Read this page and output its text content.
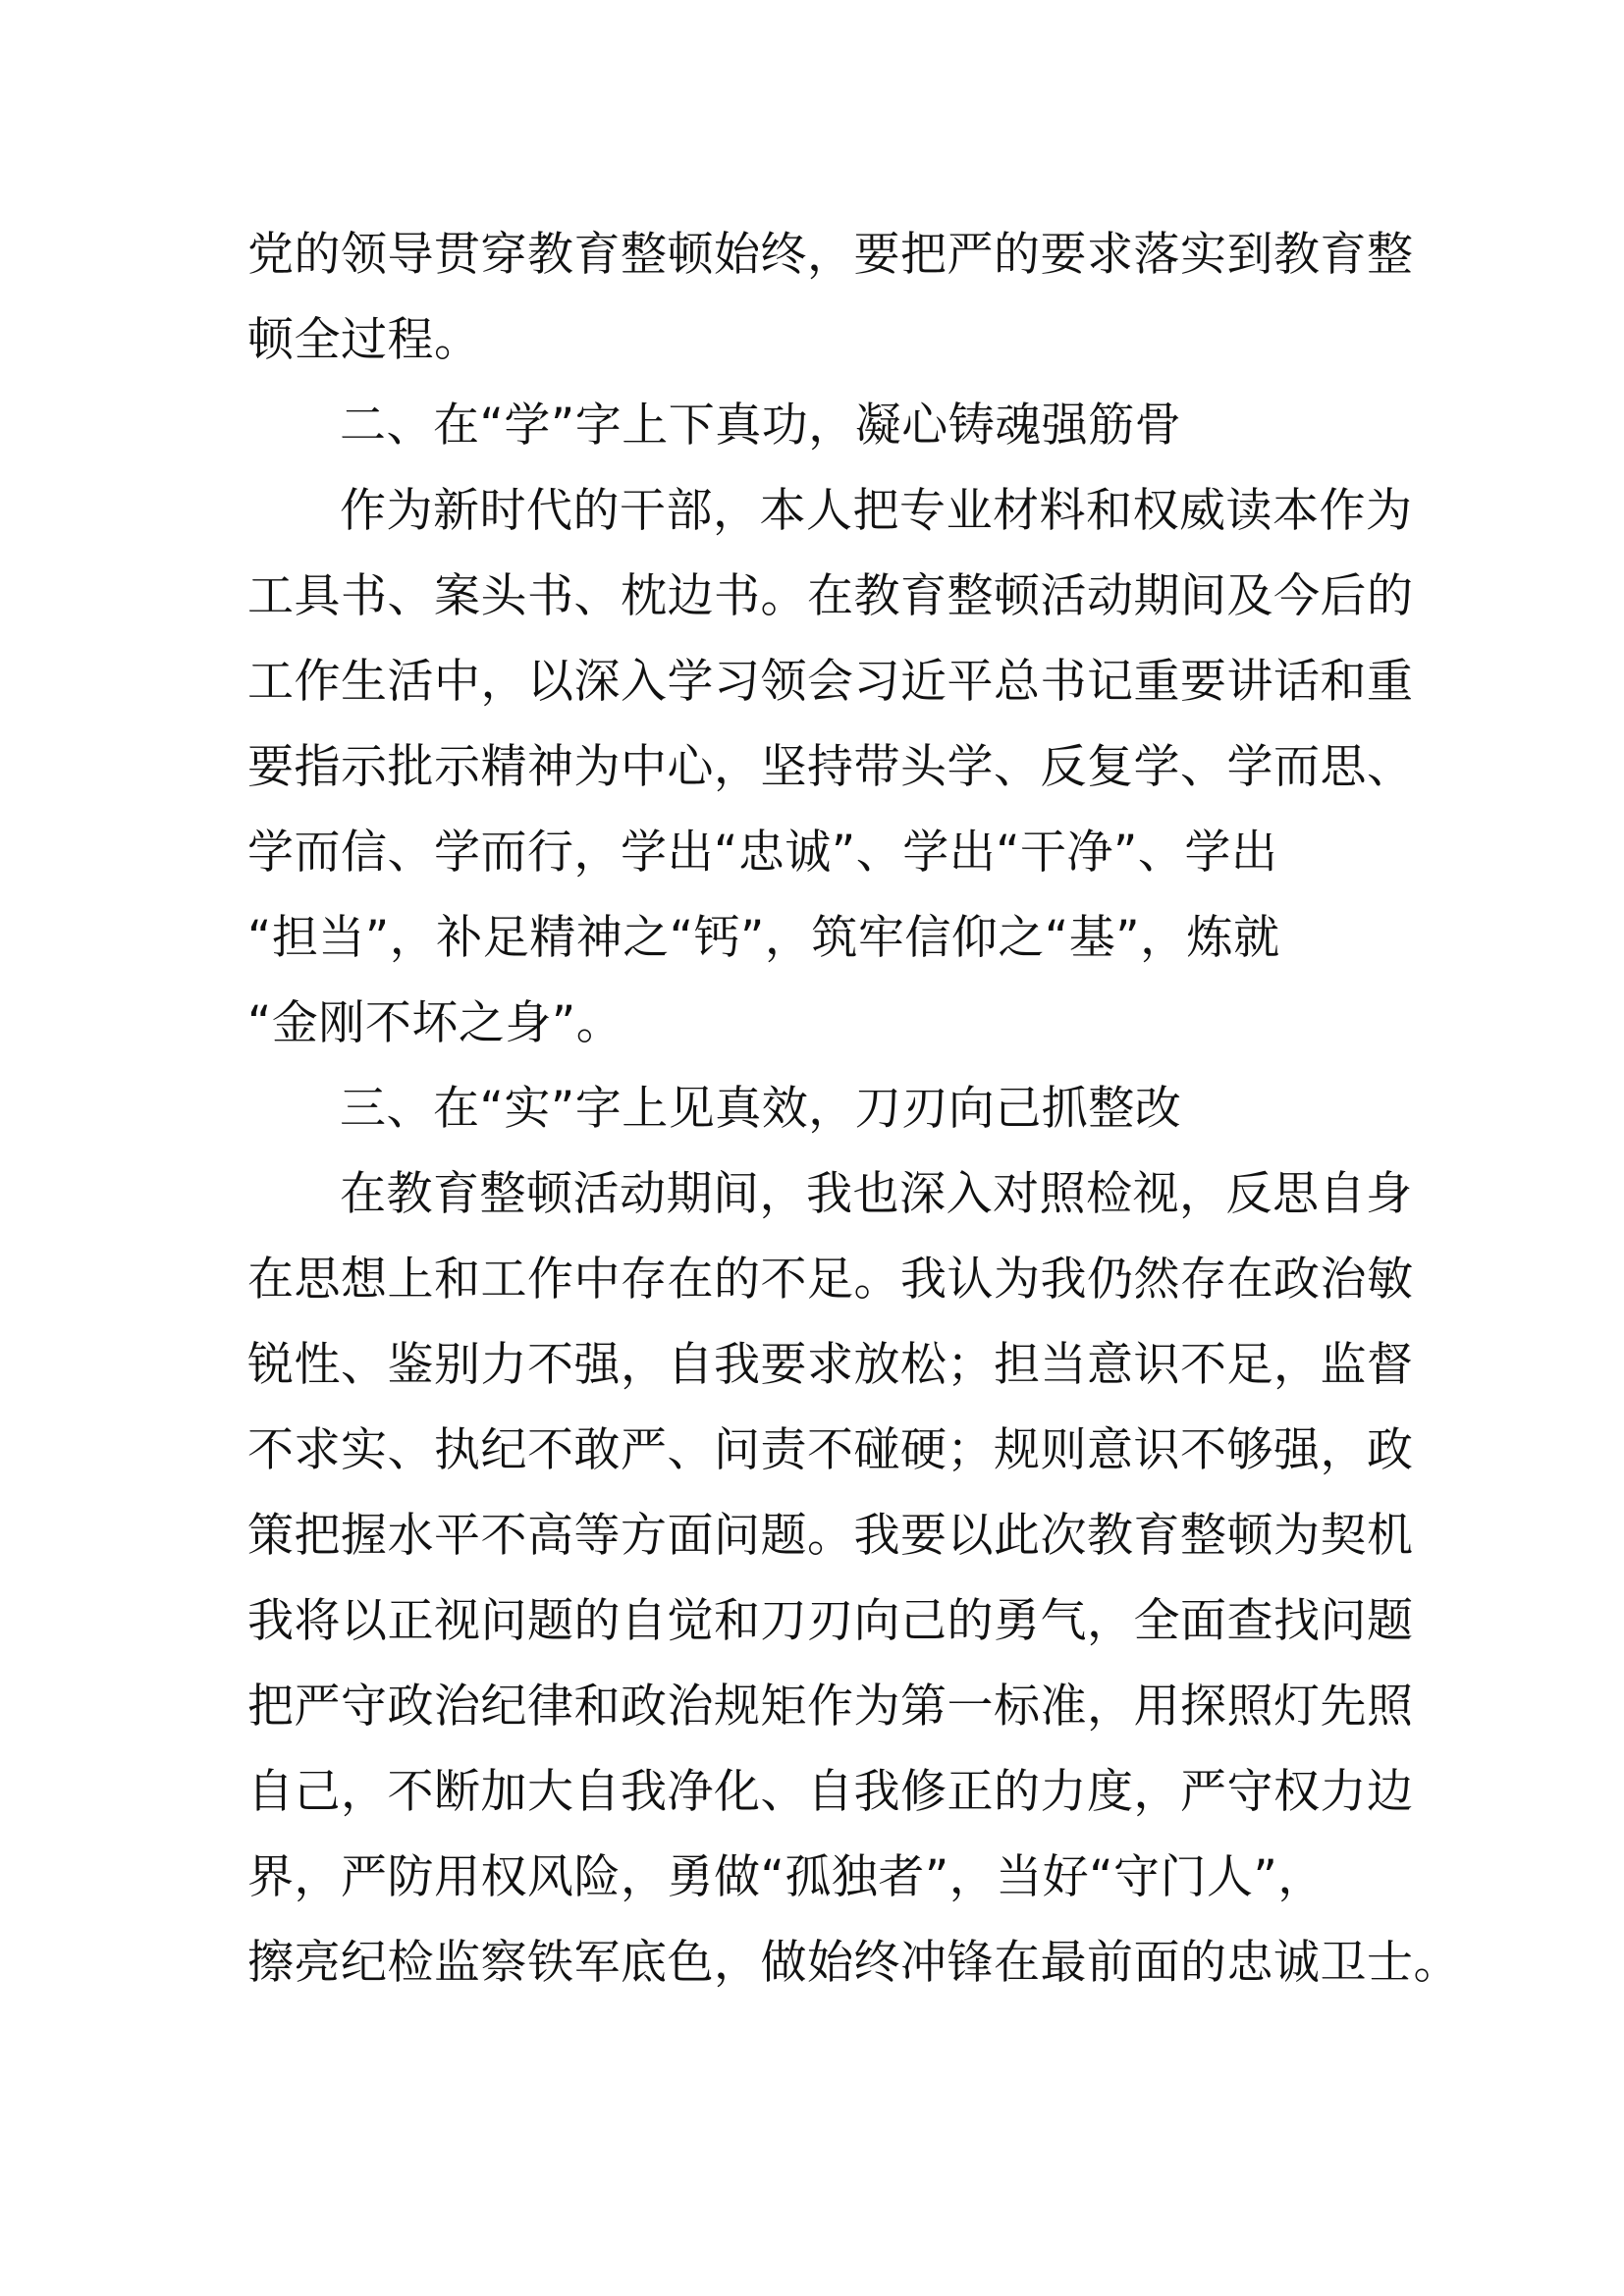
党的领导贯穿教育整顿始终，要把严的要求落实到教育整
顿全过程。
二、在“学”字上下真功，凝心铸魂强筋骨
作为新时代的干部，本人把专业材料和权威读本作为
工具书、案头书、枕边书。在教育整顿活动期间及今后的
工作生活中，以深入学习领会习近平总书记重要讲话和重
要指示批示精神为中心，坚持带头学、反复学、学而思、
学而信、学而行，学出“忠诚”、学出“干净”、学出
“担当”，补足精神之“钙”，筑牢信仰之“基”，炼就
“金刚不坏之身”。
三、在“实”字上见真效，刀刃向己抓整改
在教育整顿活动期间，我也深入对照检视，反思自身
在思想上和工作中存在的不足。我认为我仍然存在政治敏
锐性、鉴别力不强，自我要求放松；担当意识不足，监督
不求实、执纪不敢严、问责不碰硬；规则意识不够强，政
策把握水平不高等方面问题。我要以此次教育整顿为契机
我将以正视问题的自觉和刀刃向己的勇气，全面查找问题
把严守政治纪律和政治规矩作为第一标准，用探照灯先照
自己，不断加大自我净化、自我修正的力度，严守权力边
界，严防用权风险，勇做“孤独者”，当好“守门人”，
擦亮纪检监察铁军底色，做始终冲锋在最前面的忠诚卫士。
